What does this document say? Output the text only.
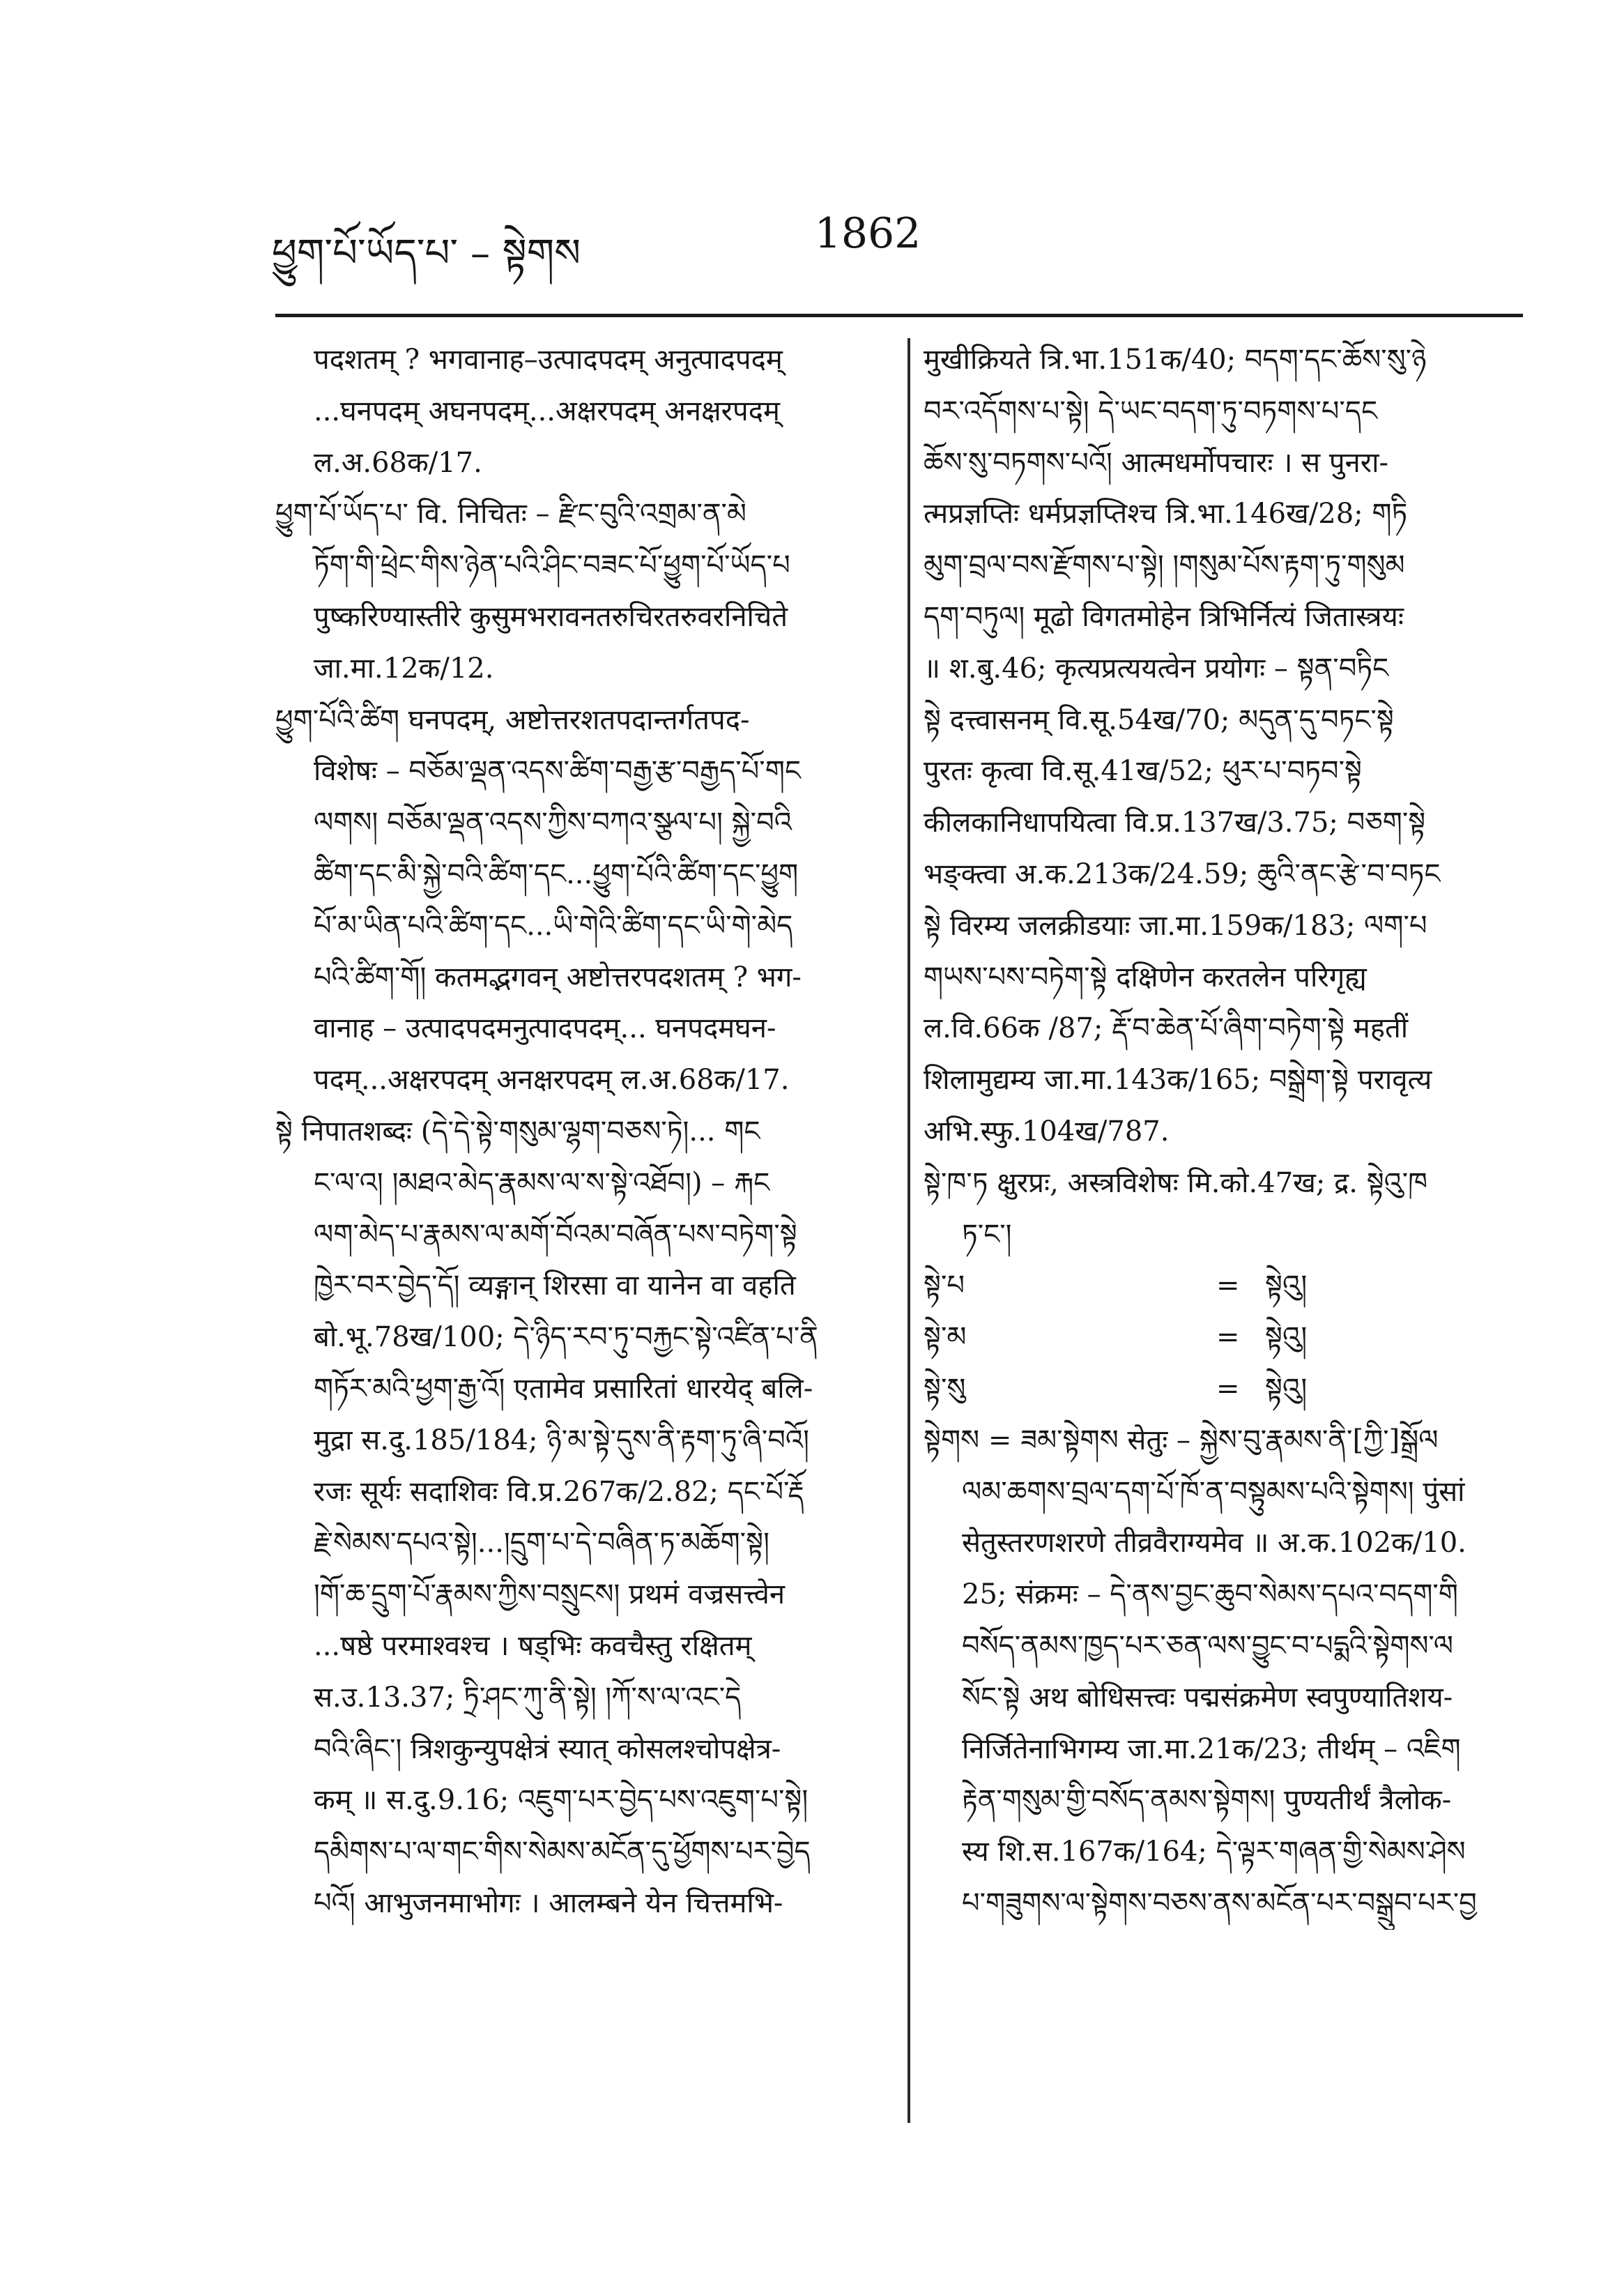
ཕྱུག་པོ་ཡོད་པ་ – སྟེགས	1862
पदशतम् ? भगवानाह–उत्पादपदम् अनुत्पादपदम्
...घनपदम् अघनपदम्...अक्षरपदम् अनक्षरपदम्
ल.अ.68क/17.
ཕྱུག་པོ་ཡོད་པ་ वि. निचितः – རྫིང་བུའི་འགྲམ་ན་མེ
ཏོག་གི་ཕྲེང་གིས་ཉེན་པའི་ཤིང་བཟང་པོ་ཕྱུག་པོ་ཡོད་པ
पुष्करिण्यास्तीरे कुसुमभरावनतरुचिरतरुवरनिचिते
जा.मा.12क/12.
ཕྱུག་པོའི་ཚིག घनपदम्, अष्टोत्तरशतपदान्तर्गतपद-
विशेषः – བཅོམ་ལྡན་འདས་ཚིག་བརྒྱ་རྩ་བརྒྱད་པོ་གང
ལགས། བཅོམ་ལྡན་འདས་ཀྱིས་བཀའ་སྩལ་པ། སྐྱེ་བའི
ཚིག་དང་མི་སྐྱེ་བའི་ཚིག་དང...ཕྱུག་པོའི་ཚིག་དང་ཕྱུག
པོ་མ་ཡིན་པའི་ཚིག་དང...ཡི་གེའི་ཚིག་དང་ཡི་གེ་མེད
པའི་ཚིག་གོ། कतमद्भगवन् अष्टोत्तरपदशतम् ? भग-
वानाह – उत्पादपदमनुत्पादपदम्... घनपदमघन-
पदम्...अक्षरपदम् अनक्षरपदम् ल.अ.68क/17.
སྟེ निपातशब्दः (དེ་དེ་སྟེ་གསུམ་ལྷག་བཅས་ཏེ།... གང
ང་ལ་འ། །མཐའ་མེད་རྣམས་ལ་ས་སྟེ་འཐོབ།) – རྐང
ལག་མེད་པ་རྣམས་ལ་མགོ་བོའམ་བཞོན་པས་བཏེག་སྟེ
ཁྱེར་བར་བྱེད་དོ། व्यङ्गान् शिरसा वा यानेन वा वहति
बो.भू.78ख/100; དེ་ཉིད་རབ་ཏུ་བརྐྱང་སྟེ་འཛིན་པ་ནི
གཏོར་མའི་ཕྱག་རྒྱ་འོ། एतामेव प्रसारितां धारयेद् बलि-
मुद्रा स.दु.185/184; ཉི་མ་སྟེ་དུས་ནི་རྟག་ཏུ་ཞི་བའོ།
रजः सूर्यः सदाशिवः वि.प्र.267क/2.82; དང་པོ་རྡོ
རྗེ་སེམས་དཔའ་སྟེ།...།དྲུག་པ་དེ་བཞིན་ཏ་མཆོག་སྟེ།
།གོ་ཆ་དྲུག་པོ་རྣམས་ཀྱིས་བསྲུངས། प्रथमं वज्रसत्त्वेन
...षष्ठे परमाश्वश्च । षड्भिः कवचैस्तु रक्षितम्
स.उ.13.37; ཏྲི་ཤང་ཀུ་ནི་སྟེ། །ཀོ་ས་ལ་འང་དེ
བའི་ཞིང་། त्रिशकुन्युपक्षेत्रं स्यात् कोसलश्चोपक्षेत्र-
कम् ॥ स.दु.9.16; འཇུག་པར་བྱེད་པས་འཇུག་པ་སྟེ།
དམིགས་པ་ལ་གང་གིས་སེམས་མངོན་དུ་ཕྱོགས་པར་བྱེད
པའོ། आभुजनमाभोगः । आलम्बने येन चित्तमभि-
मुखीक्रियते त्रि.भा.151क/40; བདག་དང་ཆོས་སུ་ཉེ
བར་འདོགས་པ་སྟེ། དེ་ཡང་བདག་ཏུ་བཏགས་པ་དང
ཆོས་སུ་བཏགས་པའོ། आत्मधर्मोपचारः । स पुनरा-
त्मप्रज्ञप्तिः धर्मप्रज्ञप्तिश्च त्रि.भा.146ख/28; གཏི
མུག་བྲལ་བས་རྫོགས་པ་སྟེ། །གསུམ་པོས་རྟག་ཏུ་གསུམ
དག་བཏུལ། मूढो विगतमोहेन त्रिभिर्नित्यं जितास्त्रयः
॥ श.बु.46; कृत्यप्रत्ययत्वेन प्रयोगः – སྟན་བཏིང
སྟེ दत्त्वासनम् वि.सू.54ख/70; མདུན་དུ་བཏང་སྟེ
पुरतः कृत्वा वि.सू.41ख/52; ཕུར་པ་བཏབ་སྟེ
कीलकानिधापयित्वा वि.प्र.137ख/3.75; བཅག་སྟེ
भङ्क्त्वा अ.क.213क/24.59; ཆུའི་ནང་རྩེ་བ་བཏང
སྟེ विरम्य जलक्रीडयाः जा.मा.159क/183; ལག་པ
གཡས་པས་བཏེག་སྟེ दक्षिणेन करतलेन परिगृह्य
ल.वि.66क /87; རྡོ་བ་ཆེན་པོ་ཞིག་བཏེག་སྟེ महतीं
शिलामुद्यम्य जा.मा.143क/165; བསྒྲེག་སྟེ परावृत्य
अभि.स्फु.104ख/787.
སྟེ་ཁ་ཏ क्षुरप्रः, अस्त्रविशेषः मि.को.47ख; द्र. སྟེའུ་ཁ
ཏ་ང་།
སྟེ་པ	= སྟེའུ།
སྟེ་མ	= སྟེའུ།
སྟེ་སུ	= སྟེའུ།
སྟེགས = ཟམ་སྟེགས सेतुः – སྐྱེས་བུ་རྣམས་ནི་[ཀྱི་]སྒྲོལ
ལམ་ཆགས་བྲལ་དག་པོ་ཁོ་ན་བསྟུམས་པའི་སྟེགས། पुंसां
सेतुस्तरणशरणे तीव्रवैराग्यमेव ॥ अ.क.102क/10.
25; संक्रमः – དེ་ནས་བྱང་ཆུབ་སེམས་དཔའ་བདག་གི
བསོད་ནམས་ཁྱད་པར་ཅན་ལས་བྱུང་བ་པདྨའི་སྟེགས་ལ
སོང་སྟེ अथ बोधिसत्त्वः पद्मसंक्रमेण स्वपुण्यातिशय-
निर्जितेनाभिगम्य जा.मा.21क/23; तीर्थम् – འཇིག
རྟེན་གསུམ་གྱི་བསོད་ནམས་སྟེགས། पुण्यतीर्थं त्रैलोक-
स्य शि.स.167क/164; དེ་ལྟར་གཞན་གྱི་སེམས་ཤེས
པ་གཟུགས་ལ་སྟེགས་བཅས་ནས་མངོན་པར་བསྒྲུབ་པར་བྱ
